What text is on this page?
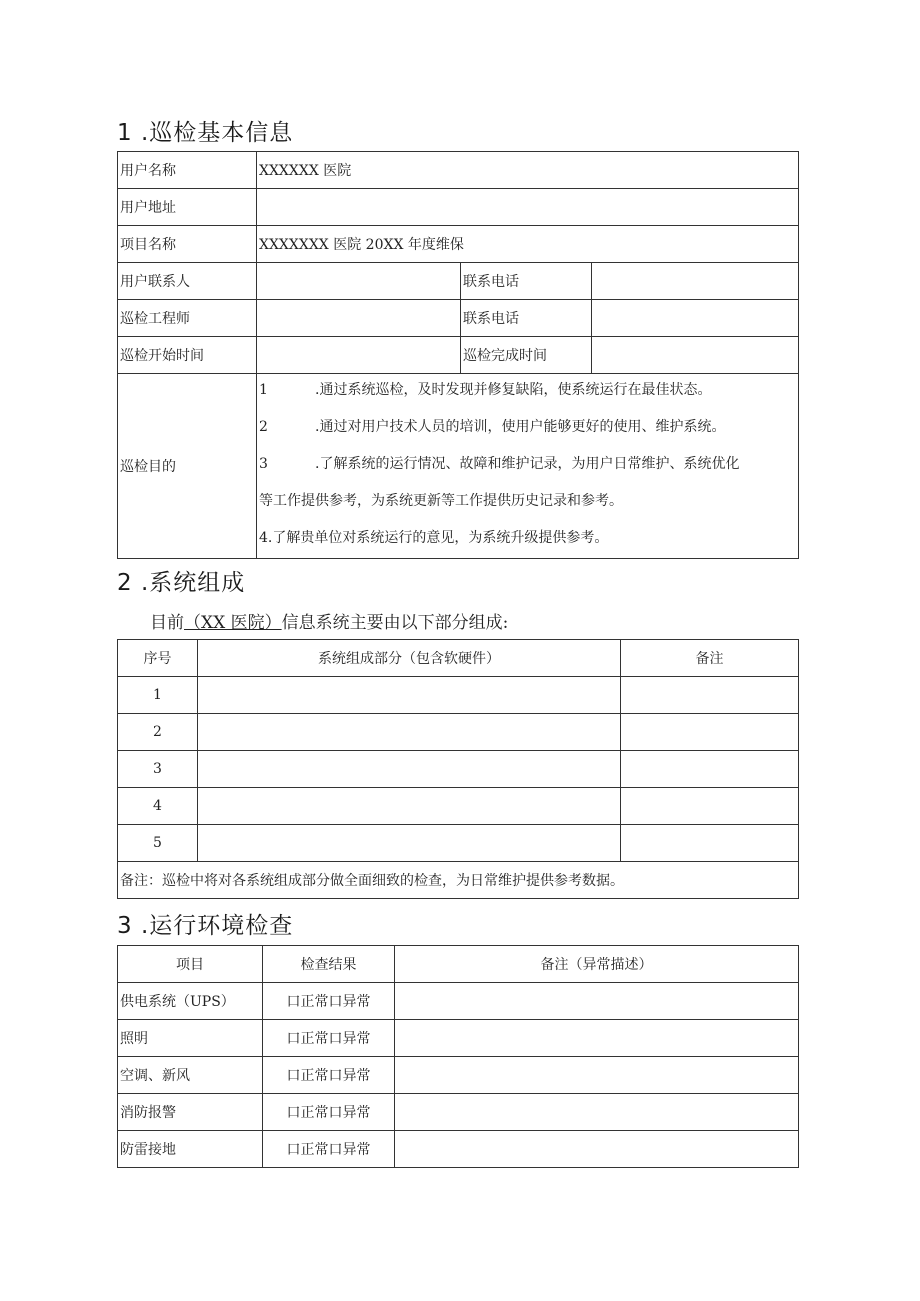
1 .巡检基本信息
用户名称	XXXXXX 医院		
用户地址			
项目名称	XXXXXXX 医院 20XX 年度维保		
用户联系人		联系电话	
巡检工程师		联系电话	
巡检开始时间		巡检完成时间	
巡检目的	1 .通过系统巡检，及时发现并修复缺陷，使系统运行在最佳状态。
2 .通过对用户技术人员的培训，使用户能够更好的使用、维护系统。
3 .了解系统的运行情况、故障和维护记录，为用户日常维护、系统优化
等工作提供参考，为系统更新等工作提供历史记录和参考。
4.了解贵单位对系统运行的意见，为系统升级提供参考。		
2 .系统组成
目前（XX 医院）信息系统主要由以下部分组成:
序号	系统组成部分（包含软硬件）	备注
1		
2		
3		
4		
5		
备注：巡检中将对各系统组成部分做全面细致的检查，为日常维护提供参考数据。		
3 .运行环境检查
项目	检查结果	备注（异常描述）
供电系统（UPS）	口正常口异常	
照明	口正常口异常	
空调、新风	口正常口异常	
消防报警	口正常口异常	
防雷接地	口正常口异常	
